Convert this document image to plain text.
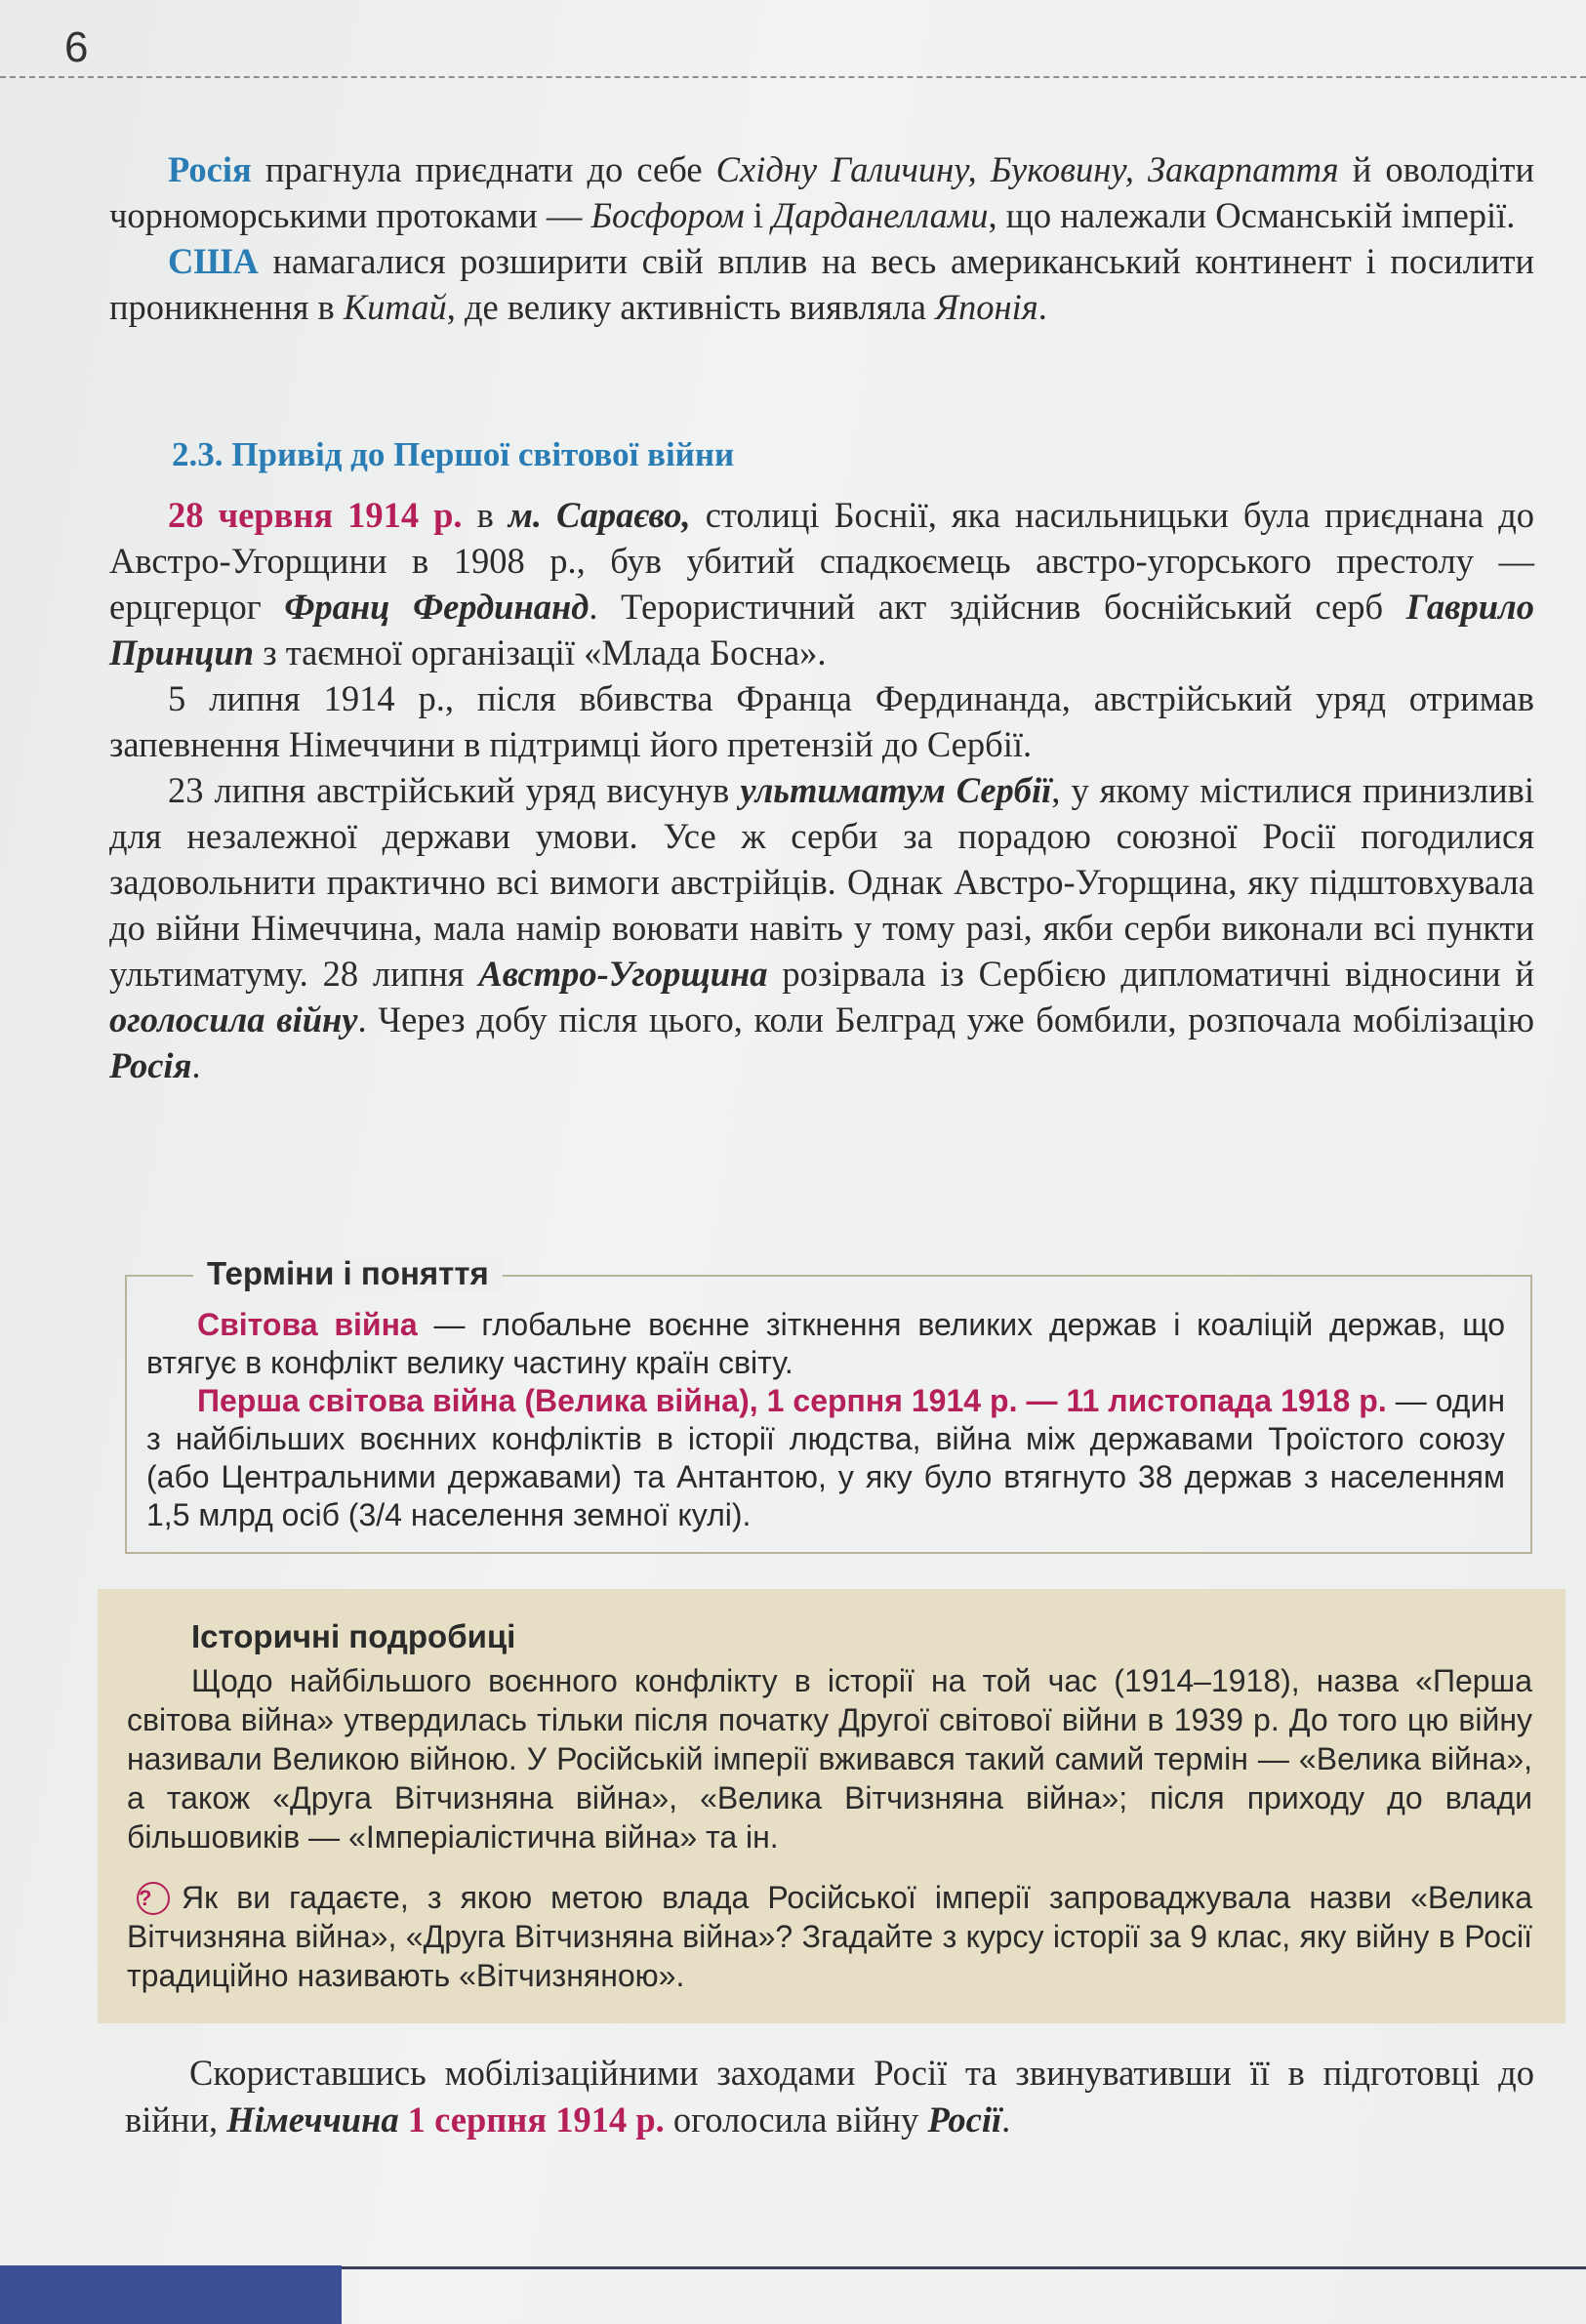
6

Росія прагнула приєднати до себе Східну Галичину, Буковину, Закарпаття й оволодіти чорноморськими протоками — Босфором і Дарданеллами, що належали Османській імперії.

США намагалися розширити свій вплив на весь американський континент і посилити проникнення в Китай, де велику активність виявляла Японія.

2.3. Привід до Першої світової війни

28 червня 1914 р. в м. Сараєво, столиці Боснії, яка насильницьки була приєднана до Австро-Угорщини в 1908 р., був убитий спадкоємець австро-угорського престолу — ерцгерцог Франц Фердинанд. Терористичний акт здійснив боснійський серб Гаврило Принцип з таємної організації «Млада Босна».

5 липня 1914 р., після вбивства Франца Фердинанда, австрійський уряд отримав запевнення Німеччини в підтримці його претензій до Сербії.

23 липня австрійський уряд висунув ультиматум Сербії, у якому містилися принизливі для незалежної держави умови. Усе ж серби за порадою союзної Росії погодилися задовольнити практично всі вимоги австрійців. Однак Австро-Угорщина, яку підштовхувала до війни Німеччина, мала намір воювати навіть у тому разі, якби серби виконали всі пункти ультиматуму. 28 липня Австро-Угорщина розірвала із Сербією дипломатичні відносини й оголосила війну. Через добу після цього, коли Белград уже бомбили, розпочала мобілізацію Росія.

Терміни і поняття

Світова війна — глобальне воєнне зіткнення великих держав і коаліцій держав, що втягує в конфлікт велику частину країн світу.

Перша світова війна (Велика війна), 1 серпня 1914 р. — 11 листопада 1918 р. — один з найбільших воєнних конфліктів в історії людства, війна між державами Троїстого союзу (або Центральними державами) та Антантою, у яку було втягнуто 38 держав з населенням 1,5 млрд осіб (3/4 населення земної кулі).

Історичні подробиці

Щодо найбільшого воєнного конфлікту в історії на той час (1914–1918), назва «Перша світова війна» утвердилась тільки після початку Другої світової війни в 1939 р. До того цю війну називали Великою війною. У Російській імперії вживався такий самий термін — «Велика війна», а також «Друга Вітчизняна війна», «Велика Вітчизняна війна»; після приходу до влади більшовиків — «Імперіалістична війна» та ін.

? Як ви гадаєте, з якою метою влада Російської імперії запроваджувала назви «Велика Вітчизняна війна», «Друга Вітчизняна війна»? Згадайте з курсу історії за 9 клас, яку війну в Росії традиційно називають «Вітчизняною».

Скориставшись мобілізаційними заходами Росії та звинувативши її в підготовці до війни, Німеччина 1 серпня 1914 р. оголосила війну Росії.
